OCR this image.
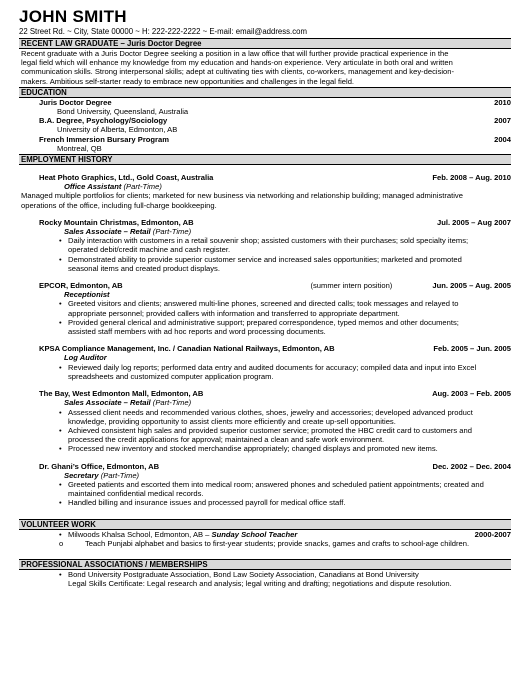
JOHN SMITH
22 Street Rd. ~ City, State 00000 ~ H: 222-222-2222 ~ E-mail: email@address.com
RECENT LAW GRADUATE – Juris Doctor Degree
Recent graduate with a Juris Doctor Degree seeking a position in a law office that will further provide practical experience in the
legal field which will enhance my knowledge from my education and hands-on experience. Very articulate in both oral and written
communication skills. Strong interpersonal skills; adept at cultivating ties with clients, co-workers, management and key-decision-
makers. Ambitious self-starter ready to embrace new opportunities and challenges in the legal field.
EDUCATION
Juris Doctor Degree	2010
Bond University, Queensland, Australia
B.A. Degree, Psychology/Sociology	2007
University of Alberta, Edmonton, AB
French Immersion Bursary Program	2004
Montreal, QB
EMPLOYMENT HISTORY
Heat Photo Graphics, Ltd., Gold Coast, Australia	Feb. 2008 – Aug. 2010
Office Assistant (Part-Time)
Managed multiple portfolios for clients; marketed for new business via networking and relationship building; managed administrative
operations of the office, including full-charge bookkeeping.
Rocky Mountain Christmas, Edmonton, AB	Jul. 2005 – Aug 2007
Sales Associate – Retail (Part-Time)
• Daily interaction with customers in a retail souvenir shop; assisted customers with their purchases; sold specialty items;
operated debit/credit machine and cash register.
• Demonstrated ability to provide superior customer service and increased sales opportunities; marketed and promoted
seasonal items and created product displays.
EPCOR, Edmonton, AB	(summer intern position)	Jun. 2005 – Aug. 2005
Receptionist
• Greeted visitors and clients; answered multi-line phones, screened and directed calls; took messages and relayed to
appropriate personnel; provided callers with information and transferred to appropriate department.
• Provided general clerical and administrative support; prepared correspondence, typed memos and other documents;
assisted staff members with ad hoc reports and word processing documents.
KPSA Compliance Management, Inc. / Canadian National Railways, Edmonton, AB	Feb. 2005 – Jun. 2005
Log Auditor
• Reviewed daily log reports; performed data entry and audited documents for accuracy; compiled data and input into Excel
spreadsheets and customized computer application program.
The Bay, West Edmonton Mall, Edmonton, AB	Aug. 2003 – Feb. 2005
Sales Associate – Retail (Part-Time)
• Assessed client needs and recommended various clothes, shoes, jewelry and accessories; developed advanced product
knowledge, providing opportunity to assist clients more efficiently and create up-sell opportunities.
• Achieved consistent high sales and provided superior customer service; promoted the HBC credit card to customers and
processed the credit applications for approval; maintained a clean and safe work environment.
• Processed new inventory and stocked merchandise appropriately; changed displays and promoted new items.
Dr. Ghani’s Office, Edmonton, AB	Dec. 2002 – Dec. 2004
Secretary (Part-Time)
• Greeted patients and escorted them into medical room; answered phones and scheduled patient appointments; created and
maintained confidential medical records.
• Handled billing and insurance issues and processed payroll for medical office staff.
VOLUNTEER WORK
• Milwoods Khalsa School, Edmonton, AB – Sunday School Teacher	2000-2007
o Teach Punjabi alphabet and basics to first-year students; provide snacks, games and crafts to school-age children.
PROFESSIONAL ASSOCIATIONS / MEMBERSHIPS
• Bond University Postgraduate Association, Bond Law Society Association, Canadians at Bond University
Legal Skills Certificate: Legal research and analysis; legal writing and drafting; negotiations and dispute resolution.
